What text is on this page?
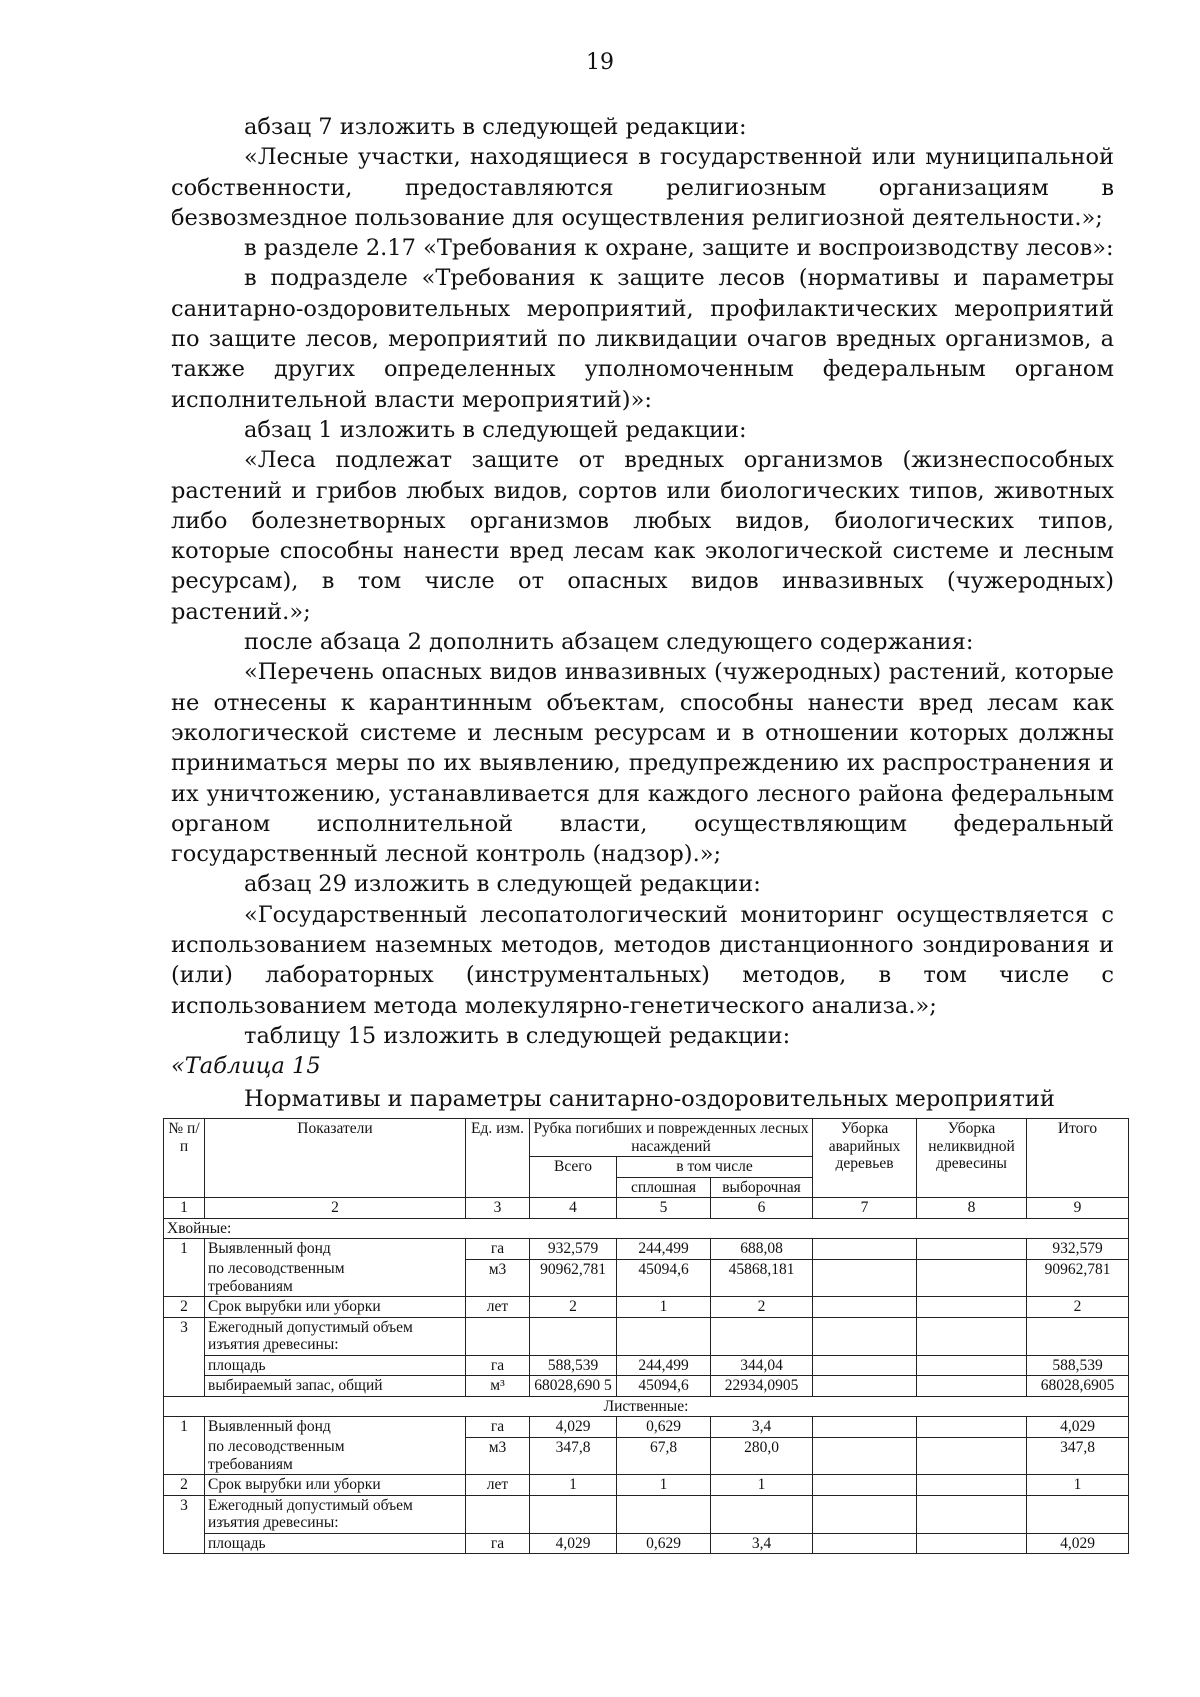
19

абзац 7 изложить в следующей редакции:

«Лесные участки, находящиеся в государственной или муниципальной собственности, предоставляются религиозным организациям в безвозмездное пользование для осуществления религиозной деятельности.»;

в разделе 2.17 «Требования к охране, защите и воспроизводству лесов»:

в подразделе «Требования к защите лесов (нормативы и параметры санитарно-оздоровительных мероприятий, профилактических мероприятий по защите лесов, мероприятий по ликвидации очагов вредных организмов, а также других определенных уполномоченным федеральным органом исполнительной власти мероприятий)»:

абзац 1 изложить в следующей редакции:

«Леса подлежат защите от вредных организмов (жизнеспособных растений и грибов любых видов, сортов или биологических типов, животных либо болезнетворных организмов любых видов, биологических типов, которые способны нанести вред лесам как экологической системе и лесным ресурсам), в том числе от опасных видов инвазивных (чужеродных) растений.»;

после абзаца 2 дополнить абзацем следующего содержания:

«Перечень опасных видов инвазивных (чужеродных) растений, которые не отнесены к карантинным объектам, способны нанести вред лесам как экологической системе и лесным ресурсам и в отношении которых должны приниматься меры по их выявлению, предупреждению их распространения и их уничтожению, устанавливается для каждого лесного района федеральным органом исполнительной власти, осуществляющим федеральный государственный лесной контроль (надзор).»;

абзац 29 изложить в следующей редакции:

«Государственный лесопатологический мониторинг осуществляется с использованием наземных методов, методов дистанционного зондирования и (или) лабораторных (инструментальных) методов, в том числе с использованием метода молекулярно-генетического анализа.»;

таблицу 15 изложить в следующей редакции:

«Таблица 15

Нормативы и параметры санитарно-оздоровительных мероприятий

№ п/п	Показатели	Ед. изм.	Рубка погибших и поврежденных лесных насаждений			Уборка аварийных деревьев	Уборка неликвидной древесины	Итого
			Всего	в том числе				
				сплошная	выборочная			
1	2	3	4	5	6	7	8	9
Хвойные:								
1	Выявленный фонд	га	932,579	244,499	688,08			932,579
	по лесоводственным
требованиям	м3	90962,781	45094,6	45868,181			90962,781
2	Срок вырубки или уборки	лет	2	1	2			2
3	Ежегодный допустимый объем изъятия древесины:							
	площадь	га	588,539	244,499	344,04			588,539
	выбираемый запас, общий	м³	68028,690 5	45094,6	22934,0905			68028,6905
Лиственные:								
1	Выявленный фонд	га	4,029	0,629	3,4			4,029
	по лесоводственным
требованиям	м3	347,8	67,8	280,0			347,8
2	Срок вырубки или уборки	лет	1	1	1			1
3	Ежегодный допустимый объем изъятия древесины:							
	площадь	га	4,029	0,629	3,4			4,029
